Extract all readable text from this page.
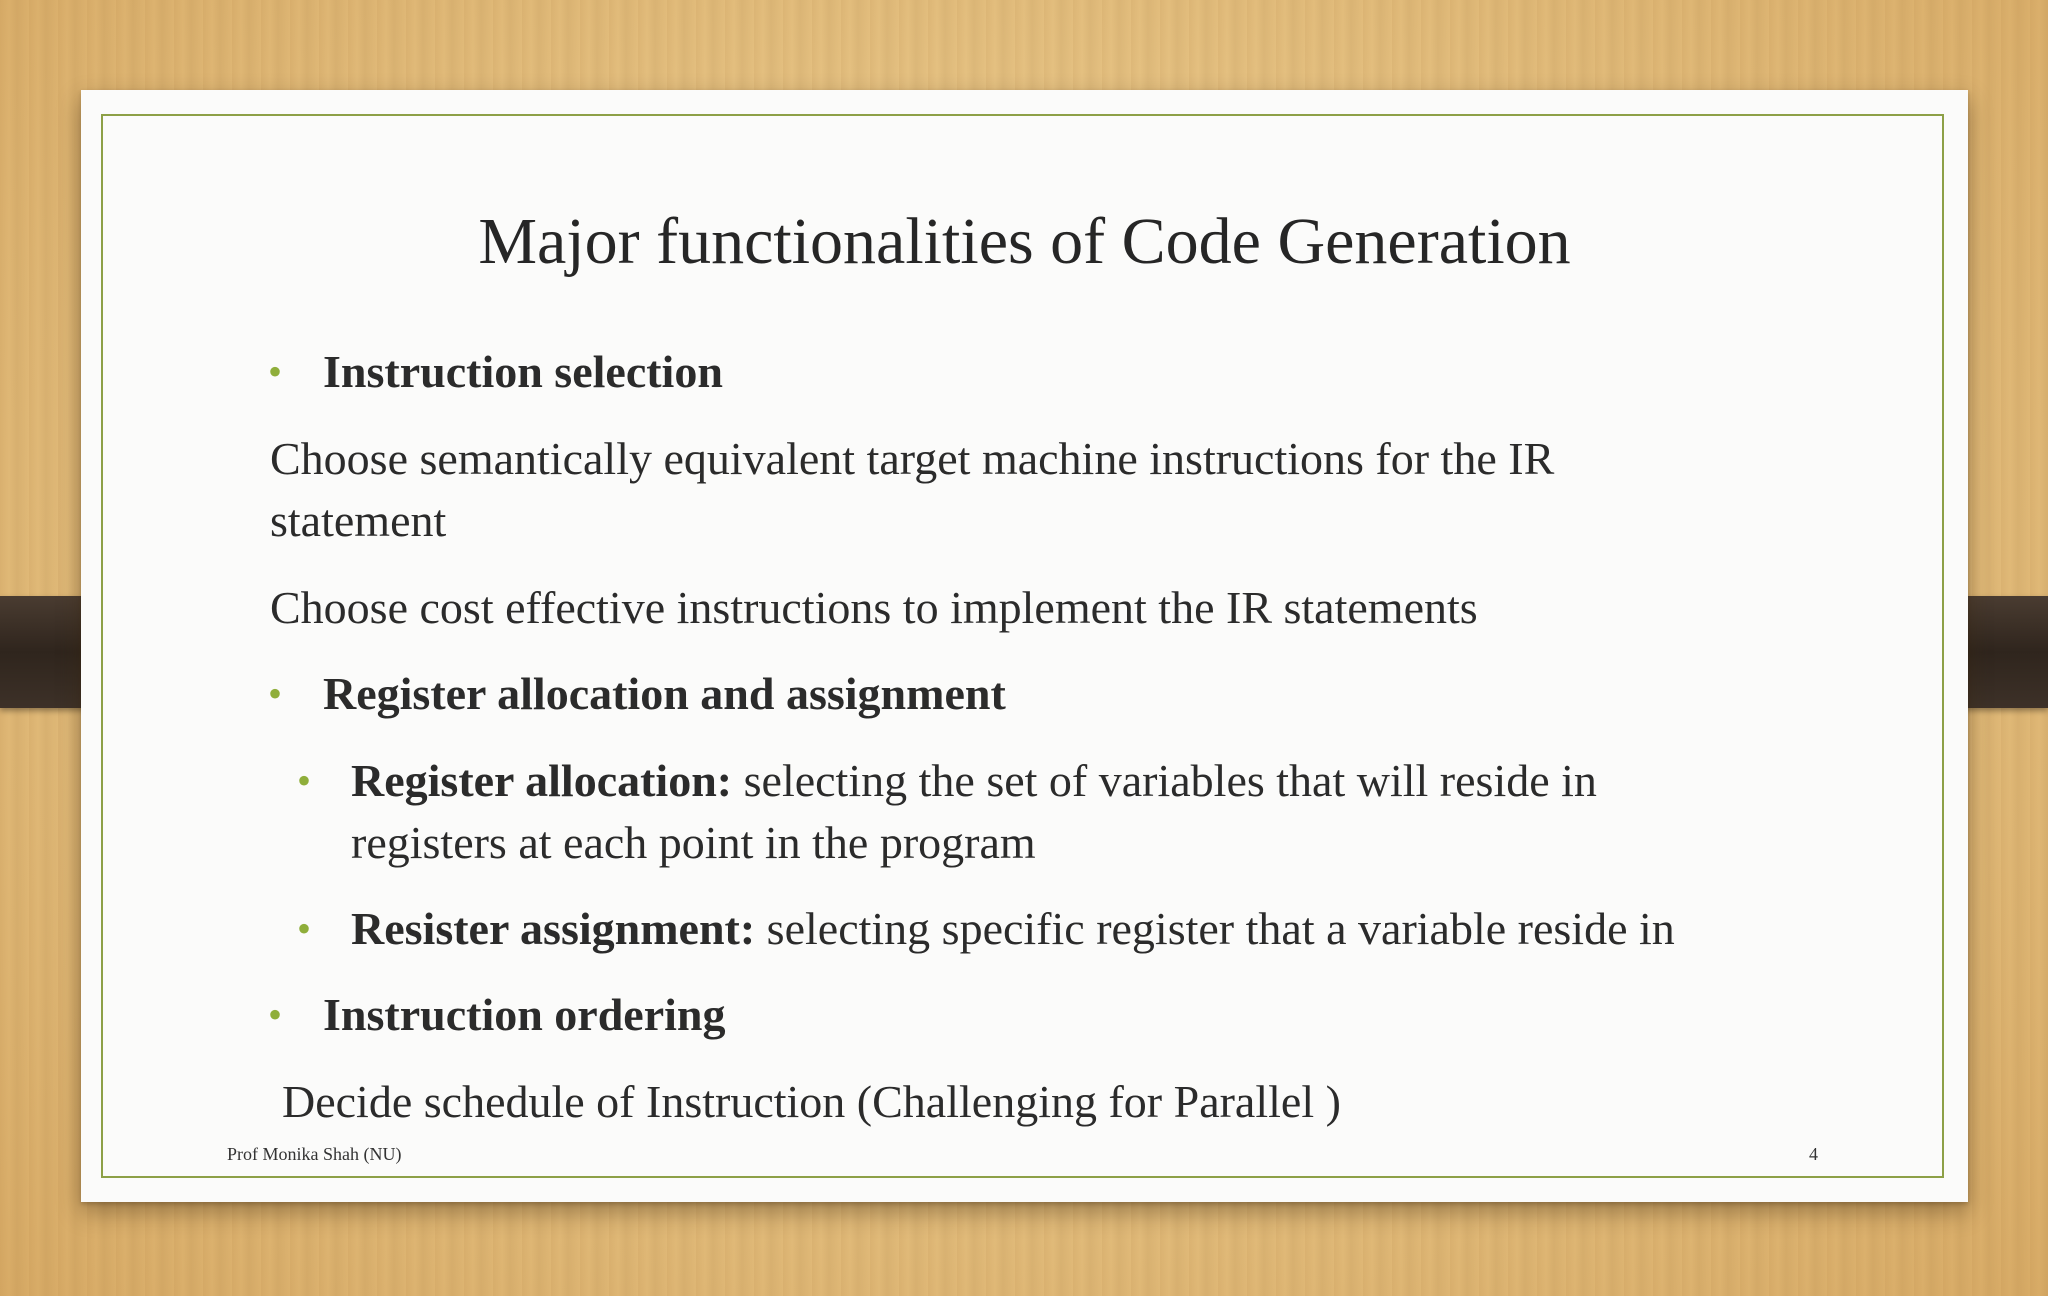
Major functionalities of Code Generation
• Instruction selection
Choose semantically equivalent target machine instructions for the IR
statement
Choose cost effective instructions to implement the IR statements
• Register allocation and assignment
• Register allocation: selecting the set of variables that will reside in
registers at each point in the program
• Resister assignment: selecting specific register that a variable reside in
• Instruction ordering
Decide schedule of Instruction (Challenging for Parallel )
Prof Monika Shah (NU)	4
